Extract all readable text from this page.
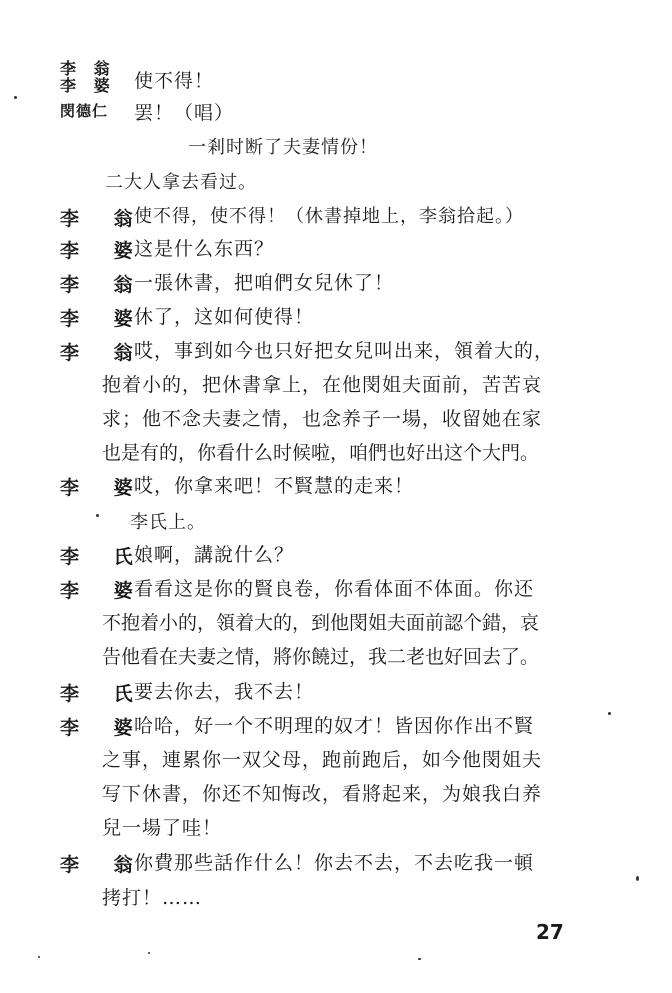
李 翁
李 婆 使不得！
閔德仁 罢！（唱）
一剎时断了夫妻情份！
二大人拿去看过。
李 翁
使不得，使不得！（休書掉地上，李翁拾起。）
李 婆
这是什么东西？
李 翁
一張休書，把咱們女兒休了！
李 婆
休了，这如何使得！
李 翁
哎，事到如今也只好把女兒叫出来，領着大的，
抱着小的，把休書拿上，在他閔姐夫面前，苦苦哀
求；他不念夫妻之情，也念养子一場，收留她在家
也是有的，你看什么时候啦，咱們也好出这个大門。
李 婆
哎，你拿来吧！不賢慧的走来！
李氏上。
李 氏
娘啊，講說什么？
李 婆
看看这是你的賢良卷，你看体面不体面。你还
不抱着小的，領着大的，到他閔姐夫面前認个錯，哀
告他看在夫妻之情，將你饒过，我二老也好回去了。
李 氏
要去你去，我不去！
李 婆
哈哈，好一个不明理的奴才！皆因你作出不賢
之事，連累你一双父母，跑前跑后，如今他閔姐夫
写下休書，你还不知悔改，看將起来，为娘我白养
兒一場了哇！
李 翁
你費那些話作什么！你去不去，不去吃我一頓
拷打！……
27
